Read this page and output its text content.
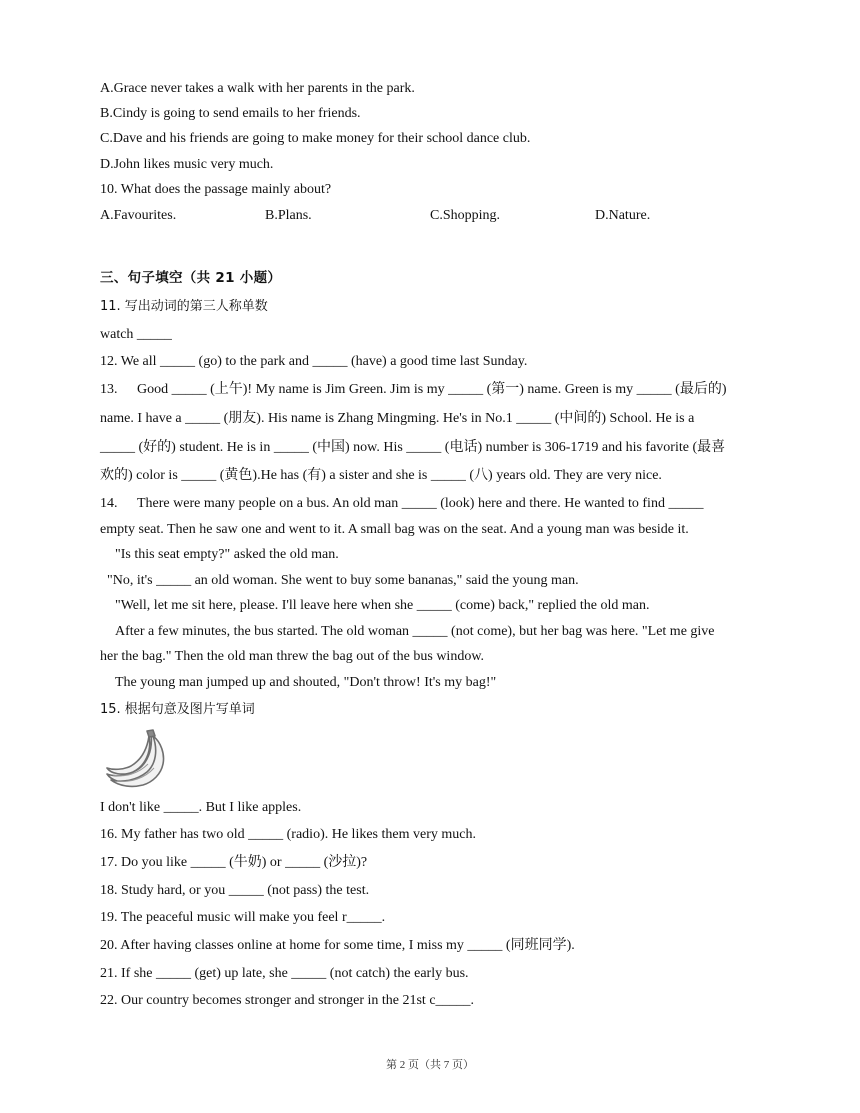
A.Grace never takes a walk with her parents in the park.
B.Cindy is going to send emails to her friends.
C.Dave and his friends are going to make money for their school dance club.
D.John likes music very much.
10. What does the passage mainly about?
A.Favourites.	B.Plans.	C.Shopping.	D.Nature.
三、句子填空（共 21 小题）
11. 写出动词的第三人称单数
watch _____
12. We all _____ (go) to the park and _____ (have) a good time last Sunday.
13. Good _____ (上午)! My name is Jim Green. Jim is my _____ (第一) name. Green is my _____ (最后的)
name. I have a _____ (朋友). His name is Zhang Mingming. He's in No.1 _____ (中间的) School. He is a
_____ (好的) student. He is in _____ (中国) now. His _____ (电话) number is 306-1719 and his favorite (最喜
欢的) color is _____ (黄色).He has (有) a sister and she is _____ (八) years old. They are very nice.
14. There were many people on a bus. An old man _____ (look) here and there. He wanted to find _____
empty seat. Then he saw one and went to it. A small bag was on the seat. And a young man was beside it.
"Is this seat empty?" asked the old man.
"No, it's _____ an old woman. She went to buy some bananas," said the young man.
"Well, let me sit here, please. I'll leave here when she _____ (come) back," replied the old man.
After a few minutes, the bus started. The old woman _____ (not come), but her bag was here. "Let me give
her the bag." Then the old man threw the bag out of the bus window.
The young man jumped up and shouted, "Don't throw! It's my bag!"
15. 根据句意及图片写单词
I don't like _____. But I like apples.
16. My father has two old _____ (radio). He likes them very much.
17. Do you like _____ (牛奶) or _____ (沙拉)?
18. Study hard, or you _____ (not pass) the test.
19. The peaceful music will make you feel r_____.
20. After having classes online at home for some time, I miss my _____ (同班同学).
21. If she _____ (get) up late, she _____ (not catch) the early bus.
22. Our country becomes stronger and stronger in the 21st c_____.
第 2 页（共 7 页）
